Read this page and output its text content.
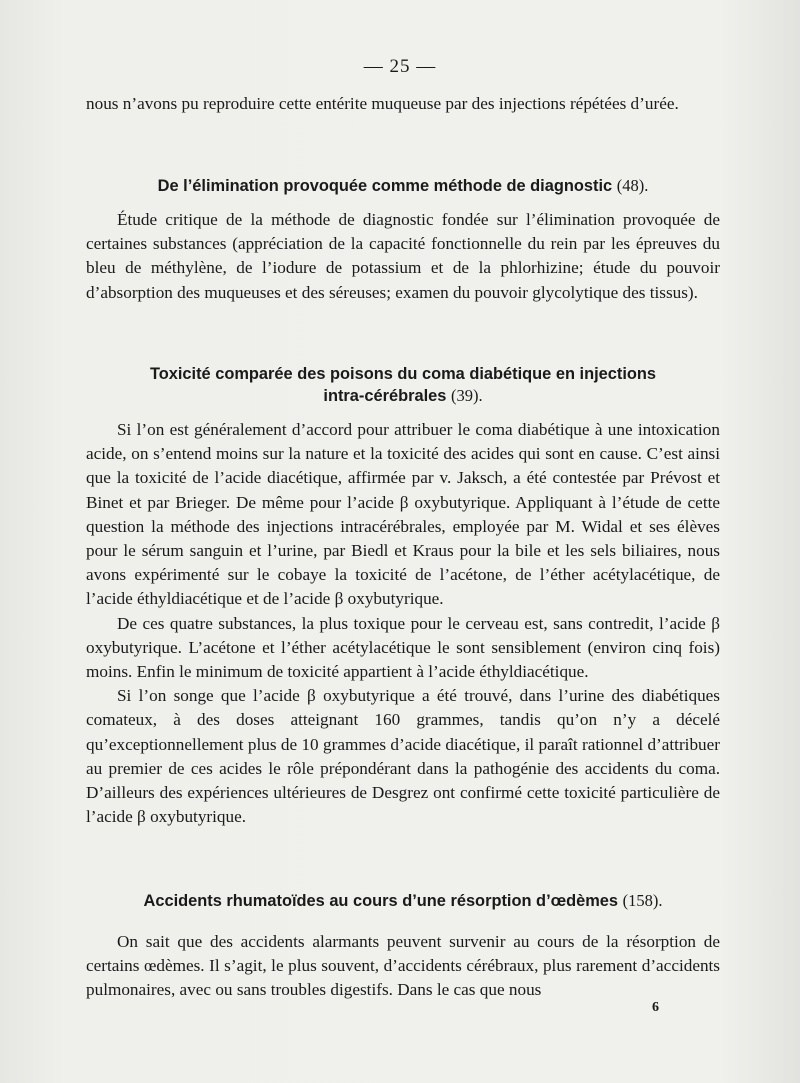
— 25 —

nous n’avons pu reproduire cette entérite muqueuse par des injections répétées d’urée.

De l’élimination provoquée comme méthode de diagnostic (48).

Étude critique de la méthode de diagnostic fondée sur l’élimination provoquée de certaines substances (appréciation de la capacité fonctionnelle du rein par les épreuves du bleu de méthylène, de l’iodure de potassium et de la phlorhizine; étude du pouvoir d’absorption des muqueuses et des séreuses; examen du pouvoir glycolytique des tissus).

Toxicité comparée des poisons du coma diabétique en injections
intra-cérébrales (39).

Si l’on est généralement d’accord pour attribuer le coma diabétique à une intoxication acide, on s’entend moins sur la nature et la toxicité des acides qui sont en cause. C’est ainsi que la toxicité de l’acide diacétique, affirmée par v. Jaksch, a été contestée par Prévost et Binet et par Brieger. De même pour l’acide β oxybutyrique. Appliquant à l’étude de cette question la méthode des injections intracérébrales, employée par M. Widal et ses élèves pour le sérum sanguin et l’urine, par Biedl et Kraus pour la bile et les sels biliaires, nous avons expérimenté sur le cobaye la toxicité de l’acétone, de l’éther acétylacétique, de l’acide éthyldiacétique et de l’acide β oxybutyrique.

De ces quatre substances, la plus toxique pour le cerveau est, sans contredit, l’acide β oxybutyrique. L’acétone et l’éther acétylacétique le sont sensiblement (environ cinq fois) moins. Enfin le minimum de toxicité appartient à l’acide éthyldiacétique.

Si l’on songe que l’acide β oxybutyrique a été trouvé, dans l’urine des diabétiques comateux, à des doses atteignant 160 grammes, tandis qu’on n’y a décelé qu’exceptionnellement plus de 10 grammes d’acide diacétique, il paraît rationnel d’attribuer au premier de ces acides le rôle prépondérant dans la pathogénie des accidents du coma. D’ailleurs des expériences ultérieures de Desgrez ont confirmé cette toxicité particulière de l’acide β oxybutyrique.

Accidents rhumatoïdes au cours d’une résorption d’œdèmes (158).

On sait que des accidents alarmants peuvent survenir au cours de la résorption de certains œdèmes. Il s’agit, le plus souvent, d’accidents cérébraux, plus rarement d’accidents pulmonaires, avec ou sans troubles digestifs. Dans le cas que nous

6
